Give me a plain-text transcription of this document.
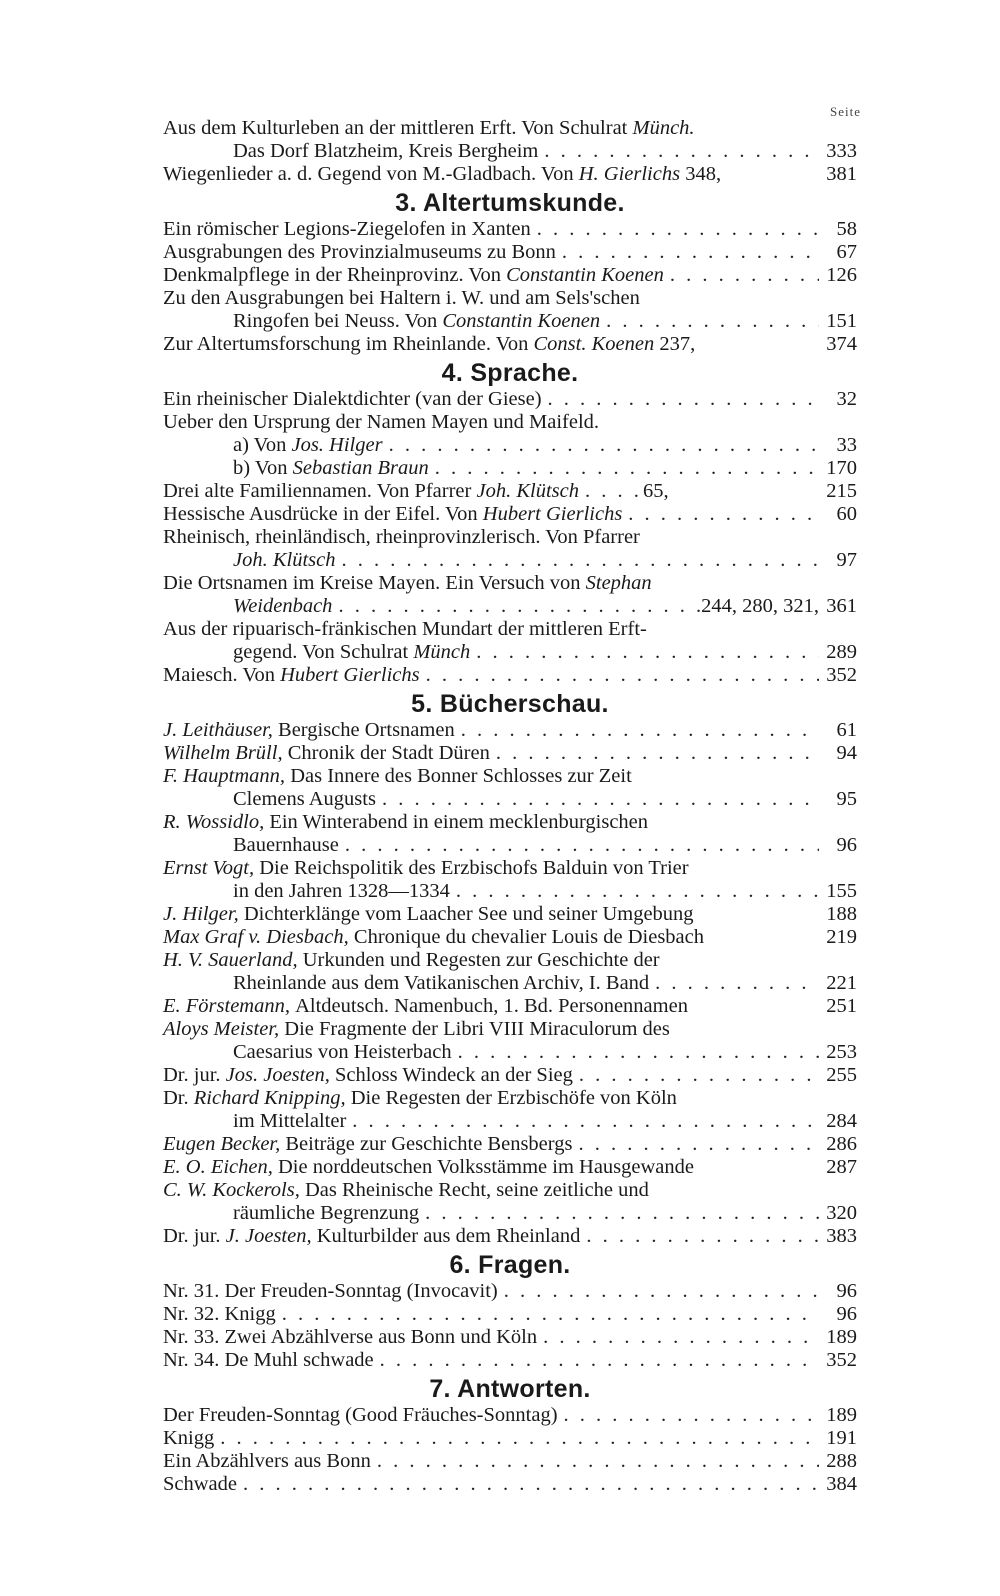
Seite
Aus dem Kulturleben an der mittleren Erft. Von Schulrat
Münch.
Das Dorf Blatzheim, Kreis Bergheim . . .	333
Wiegenlieder a. d. Gegend von M.-Gladbach. Von
H. Gierlichs
348,	381
3. Altertumskunde.
Ein römischer Legions-Ziegelofen in Xanten . . .	58
Ausgrabungen des Provinzialmuseums zu Bonn . . .	67
Denkmalpflege in der Rheinprovinz. Von
Constantin Koenen . . .	126
Zu den Ausgrabungen bei Haltern i. W. und am Sels'schen
Ringofen bei Neuss. Von
Constantin Koenen . . .	151
Zur Altertumsforschung im Rheinlande. Von
Const. Koenen
237,	374
4. Sprache.
Ein rheinischer Dialektdichter (van der Giese) . . .	32
Ueber den Ursprung der Namen Mayen und Maifeld.
a) Von
Jos. Hilger . . .	33
b) Von
Sebastian Braun . . .	170
Drei alte Familiennamen. Von Pfarrer
Joh. Klütsch . . .	65,	215
Hessische Ausdrücke in der Eifel. Von
Hubert Gierlichs . . .	60
Rheinisch, rheinländisch, rheinprovinzlerisch. Von Pfarrer
Joh. Klütsch . . .	97
Die Ortsnamen im Kreise Mayen. Ein Versuch von
Stephan
Weidenbach . . .	244, 280, 321, 361
Aus der ripuarisch-fränkischen Mundart der mittleren Erft-
gegend. Von Schulrat
Münch . . .	289
Maiesch. Von
Hubert Gierlichs . . .	352
5. Bücherschau.
J. Leithäuser,
Bergische Ortsnamen . . .	61
Wilhelm Brüll,
Chronik der Stadt Düren . . .	94
F. Hauptmann,
Das Innere des Bonner Schlosses zur Zeit
Clemens Augusts . . .	95
R. Wossidlo,
Ein Winterabend in einem mecklenburgischen
Bauernhause . . .	96
Ernst Vogt,
Die Reichspolitik des Erzbischofs Balduin von Trier
in den Jahren 1328—1334 . . .	155
J. Hilger,
Dichterklänge vom Laacher See und seiner Umgebung	188
Max Graf v. Diesbach,
Chronique du chevalier Louis de Diesbach	219
H. V. Sauerland,
Urkunden und Regesten zur Geschichte der
Rheinlande aus dem Vatikanischen Archiv, I. Band . . .	221
E. Förstemann,
Altdeutsch. Namenbuch, 1. Bd. Personennamen	251
Aloys Meister,
Die Fragmente der Libri VIII Miraculorum des
Caesarius von Heisterbach . . .	253
Dr. jur.
Jos. Joesten,
Schloss Windeck an der Sieg . . .	255
Dr.
Richard Knipping,
Die Regesten der Erzbischöfe von Köln
im Mittelalter . . .	284
Eugen Becker,
Beiträge zur Geschichte Bensbergs . . .	286
E. O. Eichen,
Die norddeutschen Volksstämme im Hausgewande	287
C. W. Kockerols,
Das Rheinische Recht, seine zeitliche und
räumliche Begrenzung . . .	320
Dr. jur.
J. Joesten,
Kulturbilder aus dem Rheinland . . .	383
6. Fragen.
Nr. 31. Der Freuden-Sonntag (Invocavit) . . .	96
Nr. 32. Knigg . . .	96
Nr. 33. Zwei Abzählverse aus Bonn und Köln . . .	189
Nr. 34. De Muhl schwade . . .	352
7. Antworten.
Der Freuden-Sonntag (Good Fräuches-Sonntag) . . .	189
Knigg . . .	191
Ein Abzählvers aus Bonn . . .	288
Schwade . . .	384
